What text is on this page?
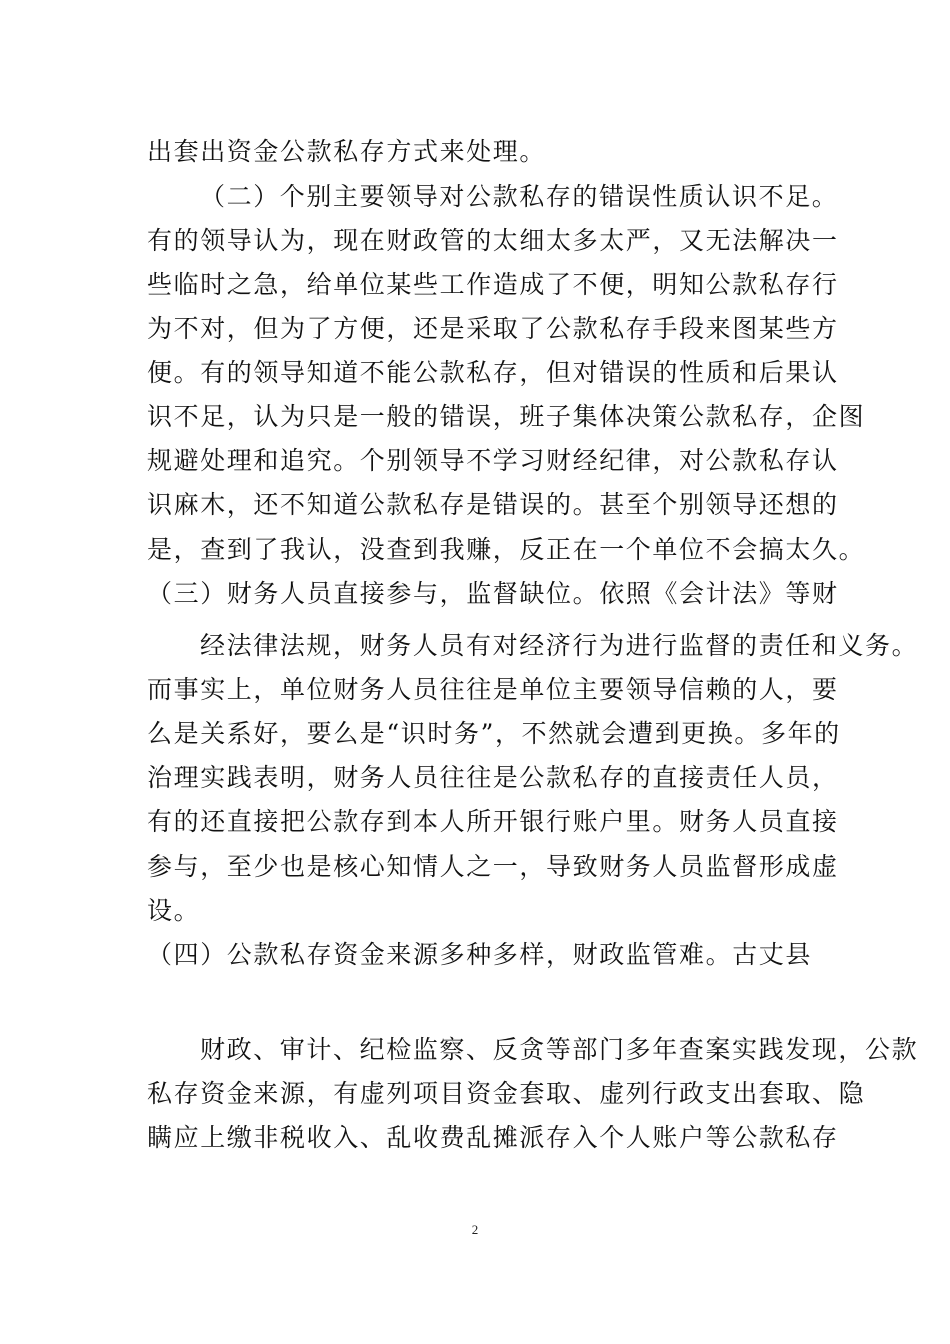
出套出资金公款私存方式来处理。
（二）个别主要领导对公款私存的错误性质认识不足。
有的领导认为，现在财政管的太细太多太严，又无法解决一
些临时之急，给单位某些工作造成了不便，明知公款私存行
为不对，但为了方便，还是采取了公款私存手段来图某些方
便。有的领导知道不能公款私存，但对错误的性质和后果认
识不足，认为只是一般的错误，班子集体决策公款私存，企图
规避处理和追究。个别领导不学习财经纪律，对公款私存认
识麻木，还不知道公款私存是错误的。甚至个别领导还想的
是，查到了我认，没查到我赚，反正在一个单位不会搞太久。
（三）财务人员直接参与，监督缺位。依照《会计法》等财
经法律法规，财务人员有对经济行为进行监督的责任和义务。
而事实上，单位财务人员往往是单位主要领导信赖的人，要
么是关系好，要么是“识时务”，不然就会遭到更换。多年的
治理实践表明，财务人员往往是公款私存的直接责任人员，
有的还直接把公款存到本人所开银行账户里。财务人员直接
参与，至少也是核心知情人之一，导致财务人员监督形成虚
设。
（四）公款私存资金来源多种多样，财政监管难。古丈县
财政、审计、纪检监察、反贪等部门多年查案实践发现，公款
私存资金来源，有虚列项目资金套取、虚列行政支出套取、隐
瞒应上缴非税收入、乱收费乱摊派存入个人账户等公款私存
2
